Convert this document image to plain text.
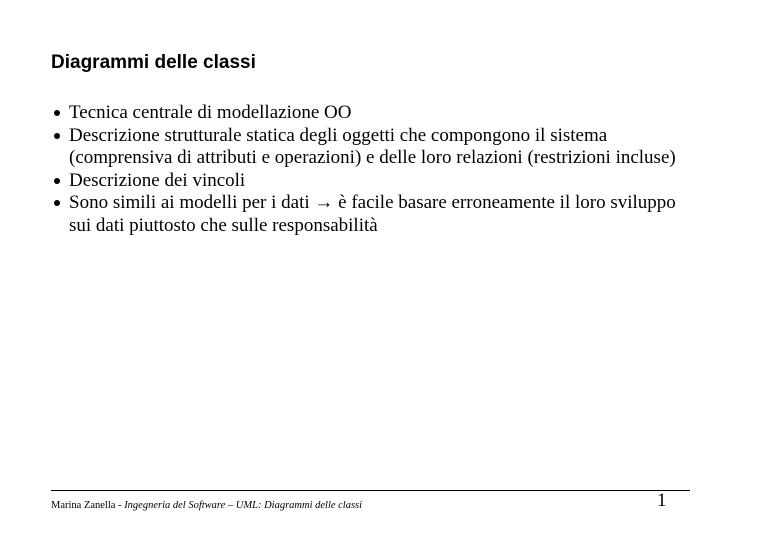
Diagrammi delle classi
Tecnica centrale di modellazione OO
Descrizione strutturale statica degli oggetti che compongono il sistema (comprensiva di attributi e operazioni) e delle loro relazioni (restrizioni incluse)
Descrizione dei vincoli
Sono simili ai modelli per i dati → è facile basare erroneamente il loro sviluppo sui dati piuttosto che sulle responsabilità
Marina Zanella - Ingegneria del Software – UML: Diagrammi delle classi	1
